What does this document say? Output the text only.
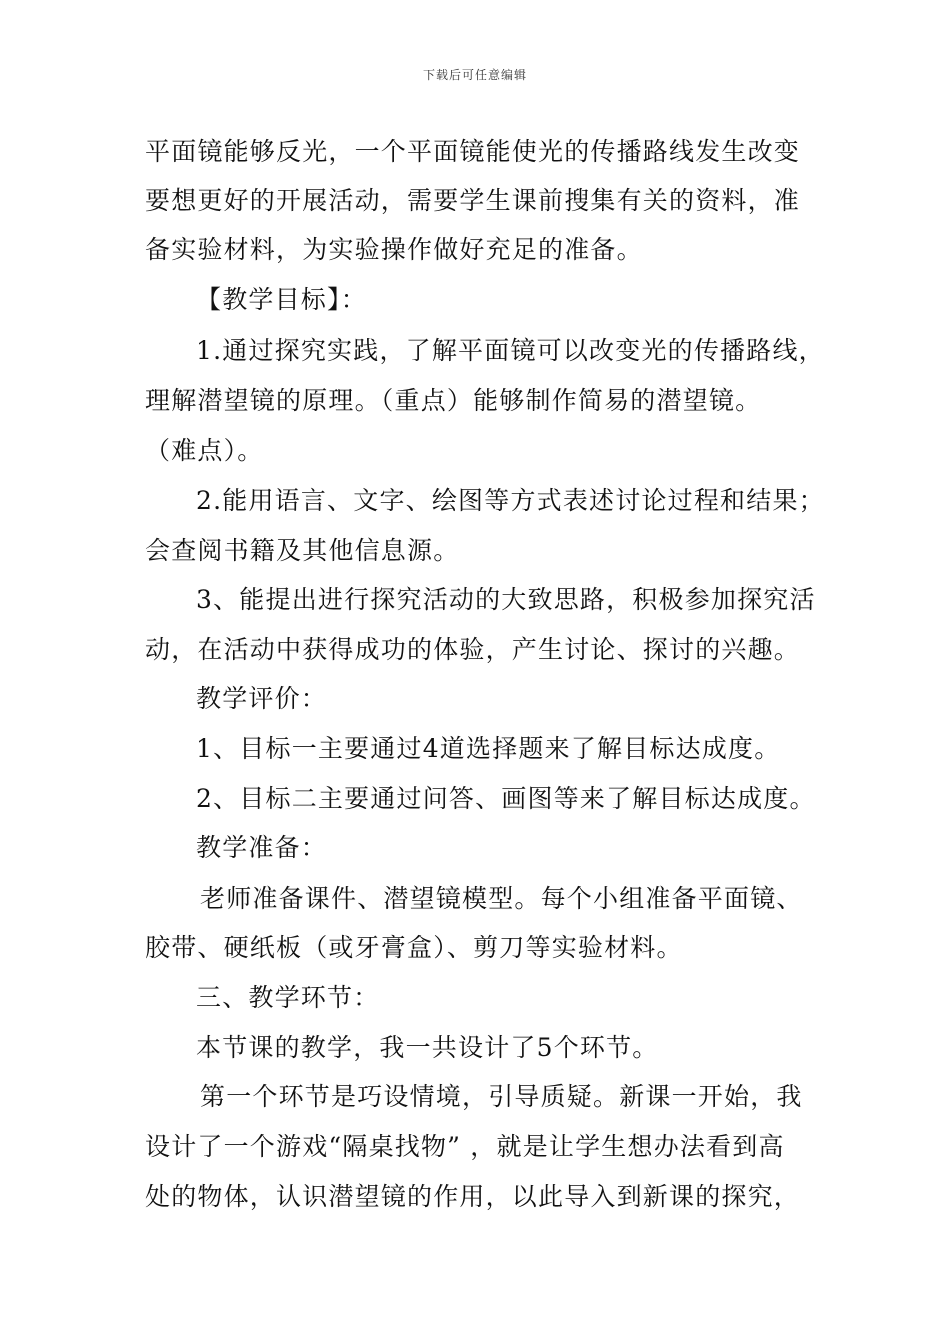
下载后可任意编辑
平面镜能够反光，一个平面镜能使光的传播路线发生改变
要想更好的开展活动，需要学生课前搜集有关的资料，准
备实验材料，为实验操作做好充足的准备。
【教学目标】：
1.通过探究实践，了解平面镜可以改变光的传播路线，
理解潜望镜的原理。（重点）能够制作简易的潜望镜。
（难点）。
2.能用语言、文字、绘图等方式表述讨论过程和结果；
会查阅书籍及其他信息源。
3、能提出进行探究活动的大致思路，积极参加探究活
动，在活动中获得成功的体验，产生讨论、探讨的兴趣。
教学评价：
1、目标一主要通过4道选择题来了解目标达成度。
2、目标二主要通过问答、画图等来了解目标达成度。
教学准备：
老师准备课件、潜望镜模型。每个小组准备平面镜、
胶带、硬纸板（或牙膏盒）、剪刀等实验材料。
三、教学环节：
本节课的教学，我一共设计了5个环节。
第一个环节是巧设情境，引导质疑。新课一开始，我
设计了一个游戏“隔桌找物” ，就是让学生想办法看到高
处的物体，认识潜望镜的作用，以此导入到新课的探究，
